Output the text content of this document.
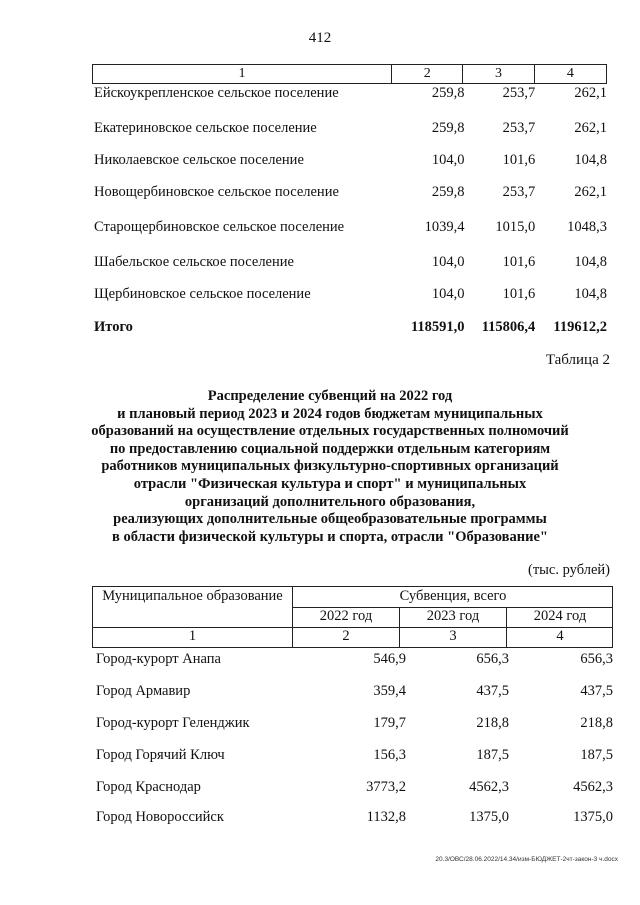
412
1	2	3	4
Ейскоукрепленское сельское поселение	259,8	253,7	262,1
Екатериновское сельское поселение	259,8	253,7	262,1
Николаевское сельское поселение	104,0	101,6	104,8
Новощербиновское сельское поселение	259,8	253,7	262,1
Старощербиновское сельское поселение	1039,4	1015,0	1048,3
Шабельское сельское поселение	104,0	101,6	104,8
Щербиновское сельское поселение	104,0	101,6	104,8
Итого	118591,0	115806,4	119612,2
Таблица 2
Распределение субвенций на 2022 год
и плановый период 2023 и 2024 годов бюджетам муниципальных
образований на осуществление отдельных государственных полномочий
по предоставлению социальной поддержки отдельным категориям
работников муниципальных физкультурно-спортивных организаций
отрасли "Физическая культура и спорт" и муниципальных
организаций дополнительного образования,
реализующих дополнительные общеобразовательные программы
в области физической культуры и спорта, отрасли "Образование"
(тыс. рублей)
Муниципальное образование	Субвенция, всего
2022 год	2023 год	2024 год
1	2	3	4
Город-курорт Анапа	546,9	656,3	656,3
Город Армавир	359,4	437,5	437,5
Город-курорт Геленджик	179,7	218,8	218,8
Город Горячий Ключ	156,3	187,5	187,5
Город Краснодар	3773,2	4562,3	4562,3
Город Новороссийск	1132,8	1375,0	1375,0
20.3/ОВС/28.06.2022/14.34/изм-БЮДЖЕТ-2чт-закон-3 ч.docx
